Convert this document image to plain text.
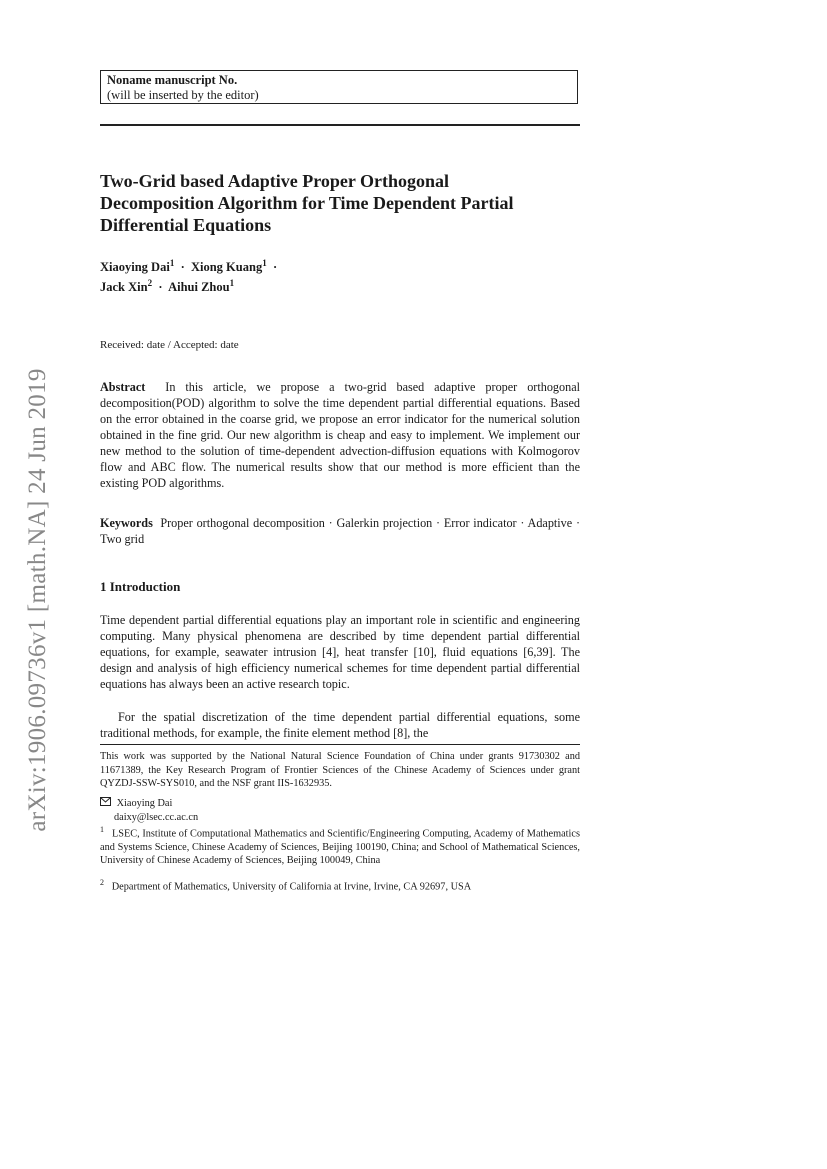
arXiv:1906.09736v1 [math.NA] 24 Jun 2019
Noname manuscript No.
(will be inserted by the editor)
Two-Grid based Adaptive Proper Orthogonal
Decomposition Algorithm for Time Dependent Partial
Differential Equations
Xiaoying Dai$^1$ · Xiong Kuang$^1$ ·
Jack Xin$^2$ · Aihui Zhou$^1$
Received: date / Accepted: date
Abstract In this article, we propose a two-grid based adaptive proper orthogonal decomposition(POD) algorithm to solve the time dependent partial differential equations. Based on the error obtained in the coarse grid, we propose an error indicator for the numerical solution obtained in the fine grid. Our new algorithm is cheap and easy to implement. We implement our new method to the solution of time-dependent advection-diffusion equations with Kolmogorov flow and ABC flow. The numerical results show that our method is more efficient than the existing POD algorithms.
Keywords Proper orthogonal decomposition · Galerkin projection · Error indicator · Adaptive · Two grid
1 Introduction
Time dependent partial differential equations play an important role in scientific and engineering computing. Many physical phenomena are described by time dependent partial differential equations, for example, seawater intrusion [4], heat transfer [10], fluid equations [6,39]. The design and analysis of high efficiency numerical schemes for time dependent partial differential equations has always been an active research topic.
For the spatial discretization of the time dependent partial differential equations, some traditional methods, for example, the finite element method [8], the
This work was supported by the National Natural Science Foundation of China under grants 91730302 and 11671389, the Key Research Program of Frontier Sciences of the Chinese Academy of Sciences under grant QYZDJ-SSW-SYS010, and the NSF grant IIS-1632935.
Xiaoying Dai
daixy@lsec.cc.ac.cn
$^1$ LSEC, Institute of Computational Mathematics and Scientific/Engineering Computing, Academy of Mathematics and Systems Science, Chinese Academy of Sciences, Beijing 100190, China; and School of Mathematical Sciences, University of Chinese Academy of Sciences, Beijing 100049, China
$^2$ Department of Mathematics, University of California at Irvine, Irvine, CA 92697, USA
